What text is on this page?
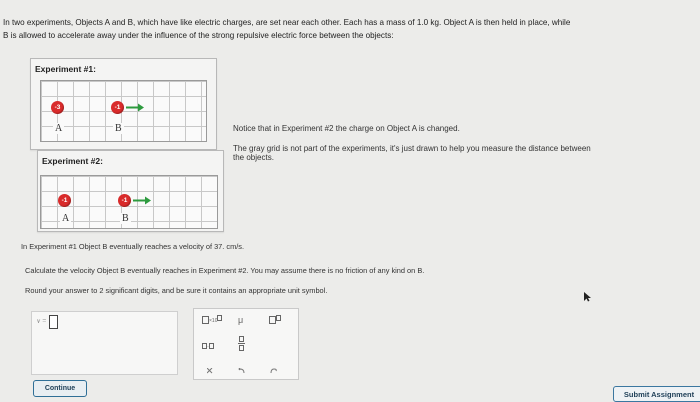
In two experiments, Objects A and B, which have like electric charges, are set near each other. Each has a mass of 1.0 kg. Object A is then held in place, while
B is allowed to accelerate away under the influence of the strong repulsive electric force between the objects:
Experiment #1:
-3	-1
A	B
Experiment #2:
-1	-1
A	B
Notice that in Experiment #2 the charge on Object A is changed.
The gray grid is not part of the experiments, it's just drawn to help you measure the distance between
the objects.
In Experiment #1 Object B eventually reaches a velocity of 37. cm/s.
Calculate the velocity Object B eventually reaches in Experiment #2. You may assume there is no friction of any kind on B.
Round your answer to 2 significant digits, and be sure it contains an appropriate unit symbol.
v =	×10	μ
·

Continue
Submit Assignment
